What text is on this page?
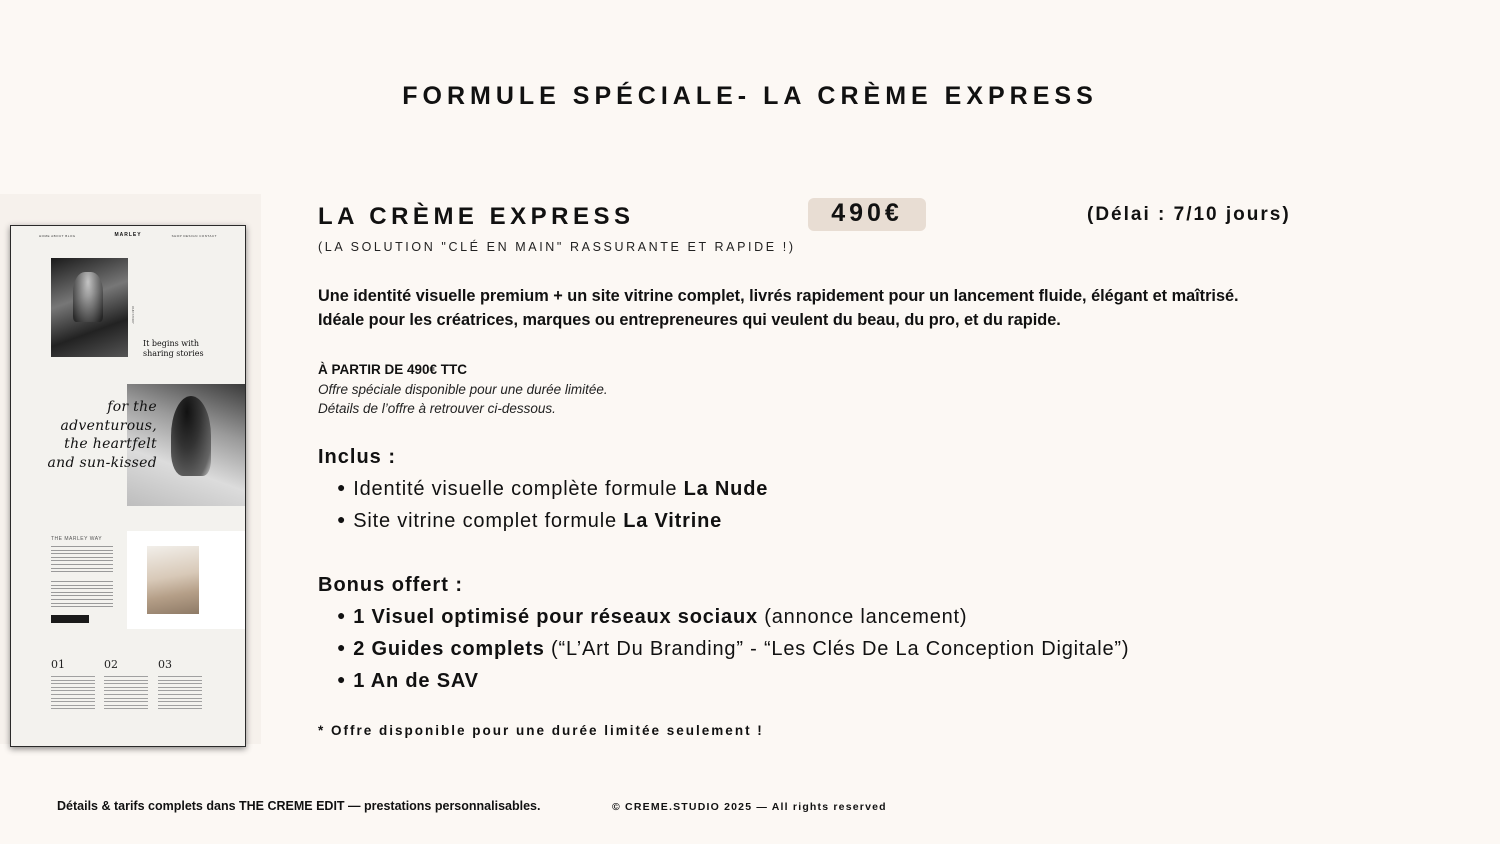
FORMULE SPÉCIALE- LA CRÈME EXPRESS
HOME ABOUT BLOG	SHOP DESIGN CONTACT
MARLEY
OUR STORY
It begins with sharing stories
for the adventurous, the heartfelt and sun-kissed
THE MARLEY WAY
01	02	03
LA CRÈME EXPRESS	490€	(Délai : 7/10 jours)
(LA SOLUTION "CLÉ EN MAIN" RASSURANTE ET RAPIDE !)

Une identité visuelle premium + un site vitrine complet, livrés rapidement pour un lancement fluide, élégant et maîtrisé.

Idéale pour les créatrices, marques ou entrepreneures qui veulent du beau, du pro, et du rapide.

À PARTIR DE 490€ TTC
Offre spéciale disponible pour une durée limitée.
Détails de l’offre à retrouver ci-dessous.
Inclus :
● Identité visuelle complète formule La Nude
● Site vitrine complet formule La Vitrine
Bonus offert :
● 1 Visuel optimisé pour réseaux sociaux (annonce lancement)
● 2 Guides complets (“L’Art Du Branding” - “Les Clés De La Conception Digitale”)
● 1 An de SAV
* Offre disponible pour une durée limitée seulement !
Détails & tarifs complets dans THE CREME EDIT — prestations personnalisables.	© CREME.STUDIO 2025 — All rights reserved
